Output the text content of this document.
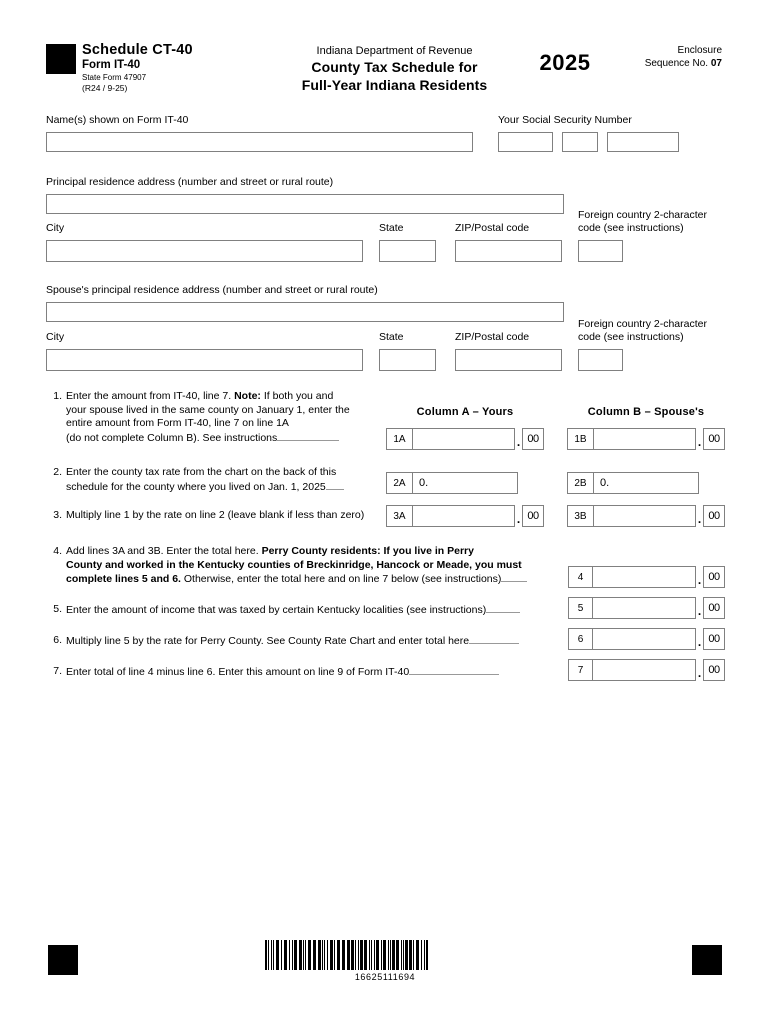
Schedule CT-40
Form IT-40
State Form 47907
(R24 / 9-25)
Indiana Department of Revenue
County Tax Schedule for
Full-Year Indiana Residents
2025	Enclosure
Sequence No. 07
Name(s) shown on Form IT-40	Your Social Security Number
Principal residence address (number and street or rural route)
City	State	ZIP/Postal code
Foreign country 2-character
code (see instructions)
Spouse's principal residence address (number and street or rural route)
City	State	ZIP/Postal code
Foreign country 2-character
code (see instructions)
Column A – Yours	Column B – Spouse's
1. Enter the amount from IT-40, line 7. Note: If both you and
your spouse lived in the same county on January 1, enter the
entire amount from Form IT-40, line 7 on line 1A
(do not complete Column B). See instructions	1A	. 00	1B	. 00
2. Enter the county tax rate from the chart on the back of this
schedule for the county where you lived on Jan. 1, 2025	2A	0.	2B	0.
3. Multiply line 1 by the rate on line 2 (leave blank if less than zero)	3A	. 00	3B	. 00
4. Add lines 3A and 3B. Enter the total here. Perry County residents: If you live in Perry
County and worked in the Kentucky counties of Breckinridge, Hancock or Meade, you must
complete lines 5 and 6. Otherwise, enter the total here and on line 7 below (see instructions)	4	. 00
5. Enter the amount of income that was taxed by certain Kentucky localities (see instructions)	5	. 00
6. Multiply line 5 by the rate for Perry County. See County Rate Chart and enter total here	6	. 00
7. Enter total of line 4 minus line 6. Enter this amount on line 9 of Form IT-40	7	. 00
16625111694
